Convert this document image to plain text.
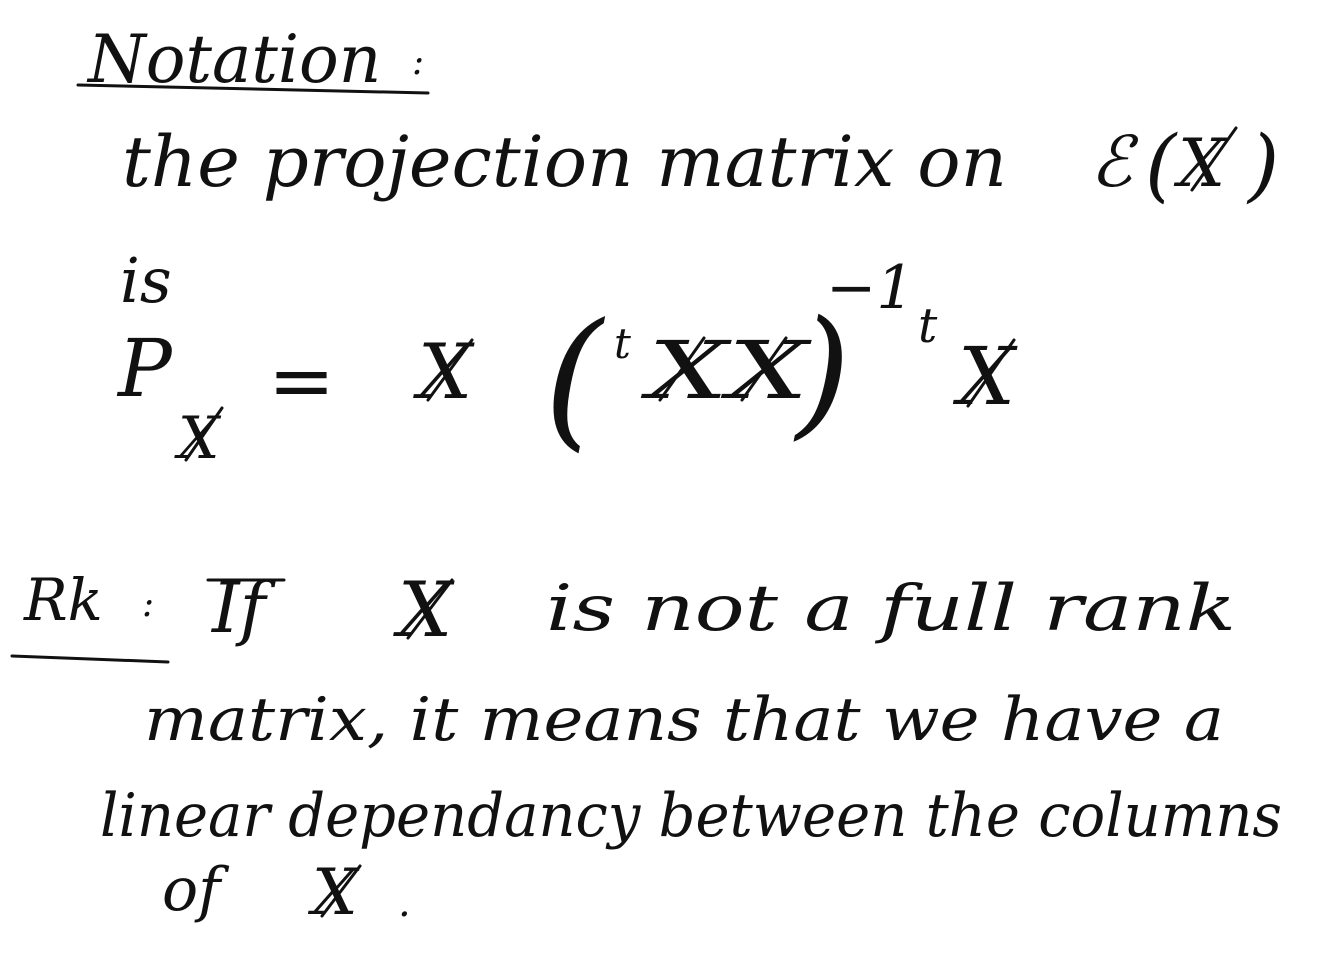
Notation :
the projection matrix on ℰ ( X )
is
P
X
= X ( t XX
)
−1
t
X
Rk : If X is not a full rank
matrix, it means that we have a
linear dependancy between the columns
of X .
